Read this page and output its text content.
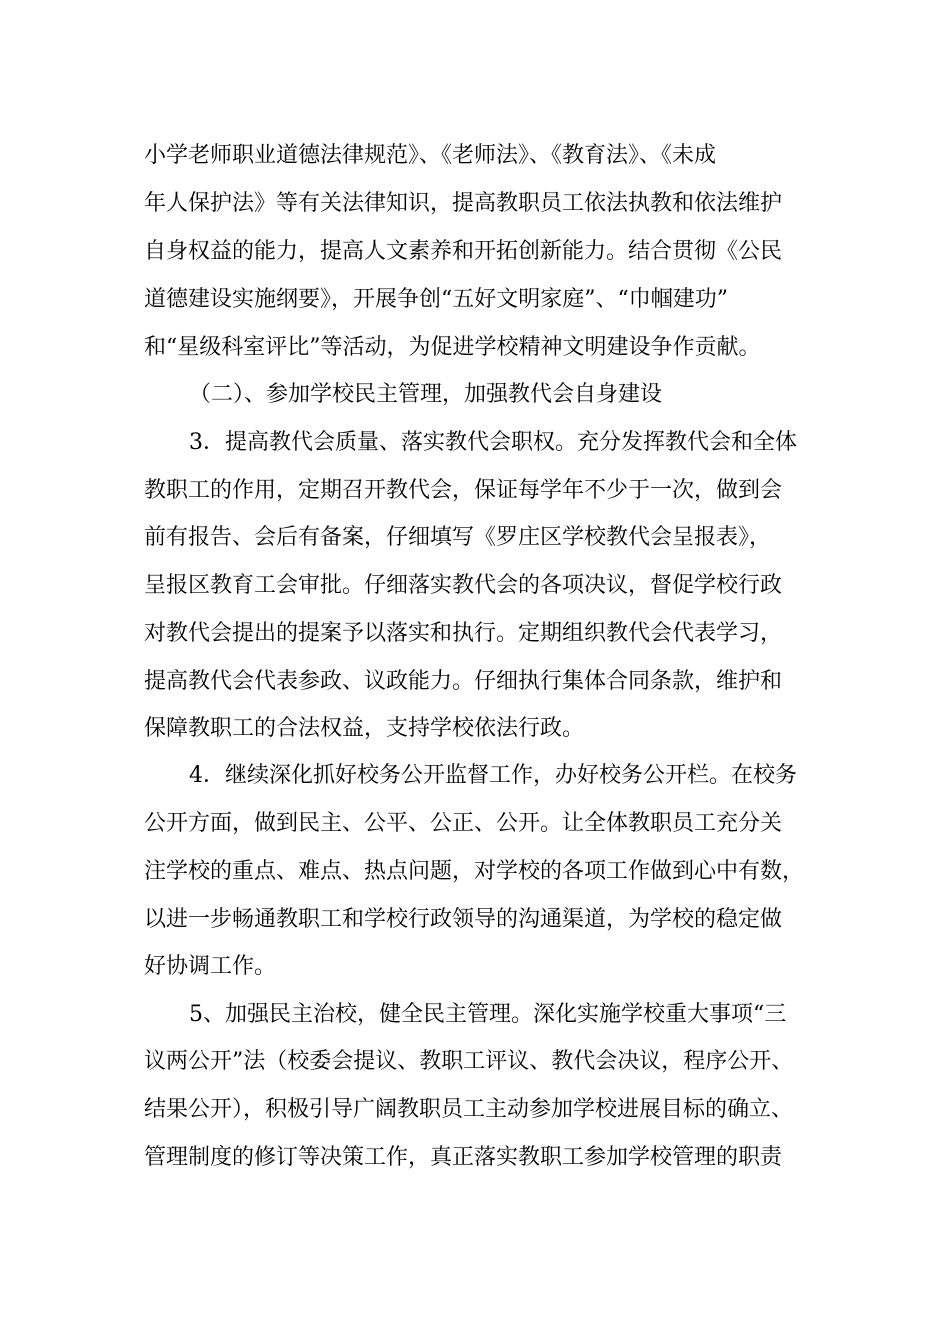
小学老师职业道德法律规范》、《老师法》、《教育法》、《未成
年人保护法》等有关法律知识，提高教职员工依法执教和依法维护
自身权益的能力，提高人文素养和开拓创新能力。结合贯彻《公民
道德建设实施纲要》，开展争创“五好文明家庭”、“巾帼建功”
和“星级科室评比”等活动，为促进学校精神文明建设争作贡献。
（二）、参加学校民主管理，加强教代会自身建设
3．提高教代会质量、落实教代会职权。充分发挥教代会和全体
教职工的作用，定期召开教代会，保证每学年不少于一次，做到会
前有报告、会后有备案，仔细填写《罗庄区学校教代会呈报表》，
呈报区教育工会审批。仔细落实教代会的各项决议，督促学校行政
对教代会提出的提案予以落实和执行。定期组织教代会代表学习，
提高教代会代表参政、议政能力。仔细执行集体合同条款，维护和
保障教职工的合法权益，支持学校依法行政。
4．继续深化抓好校务公开监督工作，办好校务公开栏。在校务
公开方面，做到民主、公平、公正、公开。让全体教职员工充分关
注学校的重点、难点、热点问题，对学校的各项工作做到心中有数，
以进一步畅通教职工和学校行政领导的沟通渠道，为学校的稳定做
好协调工作。
5、加强民主治校，健全民主管理。深化实施学校重大事项“三
议两公开”法（校委会提议、教职工评议、教代会决议，程序公开、
结果公开），积极引导广阔教职员工主动参加学校进展目标的确立、
管理制度的修订等决策工作，真正落实教职工参加学校管理的职责
